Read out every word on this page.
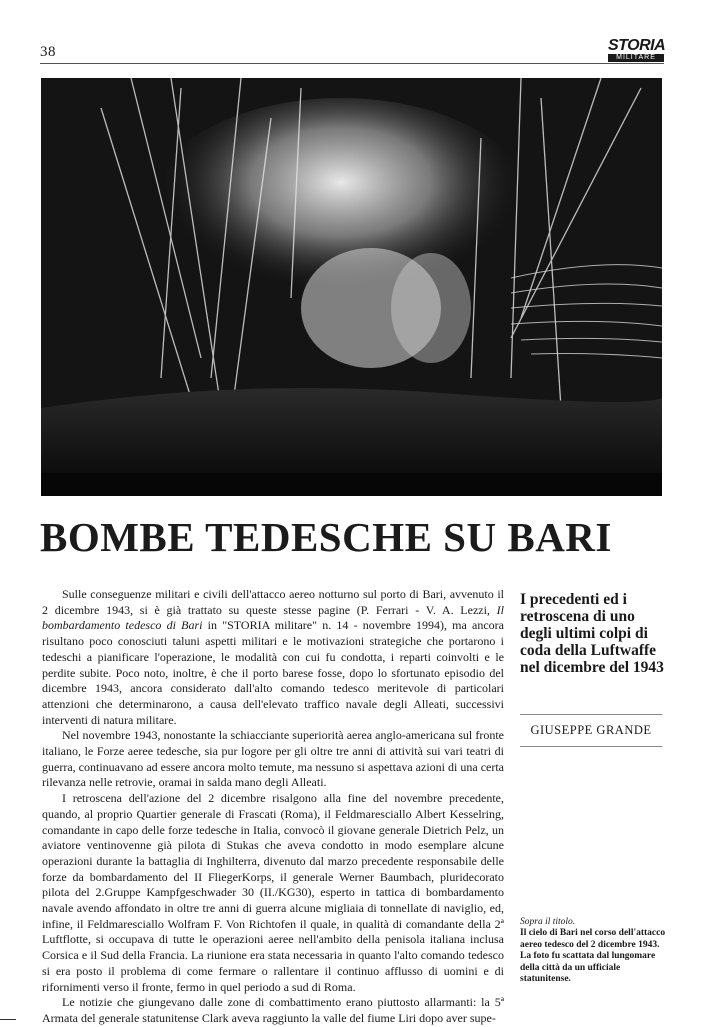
38	STORIA
MILITARE
BOMBE TEDESCHE SU BARI

Sulle conseguenze militari e civili dell'attacco aereo notturno sul porto di Bari, avvenuto il 2 dicembre 1943, si è già trattato su queste stesse pagine (P. Ferrari - V. A. Lezzi, Il bombardamento tedesco di Bari in "STORIA militare" n. 14 - novembre 1994), ma ancora risultano poco conosciuti taluni aspetti militari e le motivazioni strategiche che portarono i tedeschi a pianificare l'operazione, le modalità con cui fu condotta, i reparti coinvolti e le perdite subite. Poco noto, inoltre, è che il porto barese fosse, dopo lo sfortunato episodio del dicembre 1943, ancora considerato dall'alto comando tedesco meritevole di particolari attenzioni che determinarono, a causa dell'elevato traffico navale degli Alleati, successivi interventi di natura militare.

Nel novembre 1943, nonostante la schiacciante superiorità aerea anglo-americana sul fronte italiano, le Forze aeree tedesche, sia pur logore per gli oltre tre anni di attività sui vari teatri di guerra, continuavano ad essere ancora molto temute, ma nessuno si aspettava azioni di una certa rilevanza nelle retrovie, oramai in salda mano degli Alleati.

I retroscena dell'azione del 2 dicembre risalgono alla fine del novembre precedente, quando, al proprio Quartier generale di Frascati (Roma), il Feldmaresciallo Albert Kesselring, comandante in capo delle forze tedesche in Italia, convocò il giovane generale Dietrich Pelz, un aviatore ventinovenne già pilota di Stukas che aveva condotto in modo esemplare alcune operazioni durante la battaglia di Inghilterra, divenuto dal marzo precedente responsabile delle forze da bombardamento del II FliegerKorps, il generale Werner Baumbach, pluridecorato pilota del 2.Gruppe Kampfgeschwader 30 (II./KG30), esperto in tattica di bombardamento navale avendo affondato in oltre tre anni di guerra alcune migliaia di tonnellate di naviglio, ed, infine, il Feldmaresciallo Wolfram F. Von Richtofen il quale, in qualità di comandante della 2ª Luftflotte, si occupava di tutte le operazioni aeree nell'ambito della penisola italiana inclusa Corsica e il Sud della Francia. La riunione era stata necessaria in quanto l'alto comando tedesco si era posto il problema di come fermare o rallentare il continuo afflusso di uomini e di rifornimenti verso il fronte, fermo in quel periodo a sud di Roma.

Le notizie che giungevano dalle zone di combattimento erano piuttosto allarmanti: la 5ª Armata del generale statunitense Clark aveva raggiunto la valle del fiume Liri dopo aver supe-

I precedenti ed i retroscena di uno degli ultimi colpi di coda della Luftwaffe nel dicembre del 1943

GIUSEPPE GRANDE
Sopra il titolo.
Il cielo di Bari nel corso dell'attacco aereo tedesco del 2 dicembre 1943. La foto fu scattata dal lungomare della città da un ufficiale statunitense.
